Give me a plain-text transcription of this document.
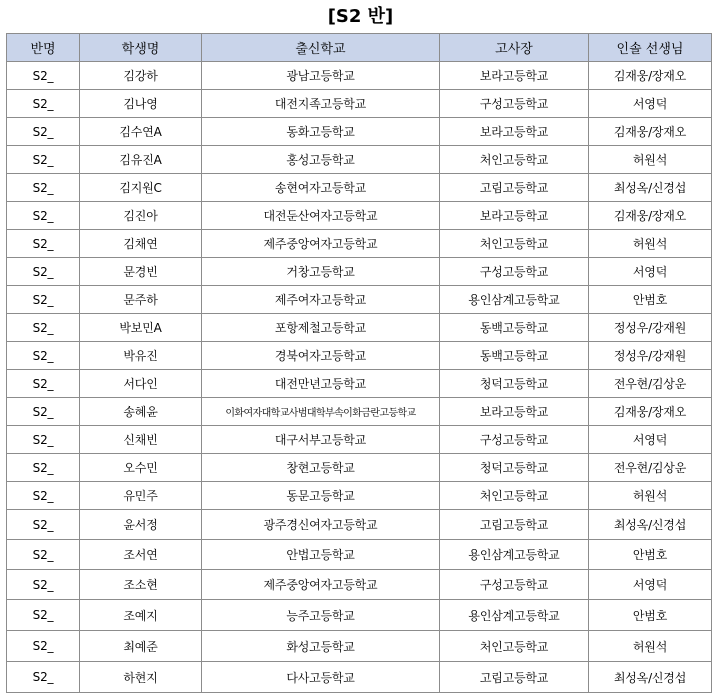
[S2 반]
반명	학생명	출신학교	고사장	인솔 선생님
S2_	김강하	광남고등학교	보라고등학교	김재웅/장재오
S2_	김나영	대전지족고등학교	구성고등학교	서영덕
S2_	김수연A	동화고등학교	보라고등학교	김재웅/장재오
S2_	김유진A	홍성고등학교	처인고등학교	허원석
S2_	김지원C	송현여자고등학교	고림고등학교	최성옥/신경섭
S2_	김진아	대전둔산여자고등학교	보라고등학교	김재웅/장재오
S2_	김채연	제주중앙여자고등학교	처인고등학교	허원석
S2_	문경빈	거창고등학교	구성고등학교	서영덕
S2_	문주하	제주여자고등학교	용인삼계고등학교	안범호
S2_	박보민A	포항제철고등학교	동백고등학교	정성우/강재원
S2_	박유진	경북여자고등학교	동백고등학교	정성우/강재원
S2_	서다인	대전만년고등학교	청덕고등학교	전우현/김상운
S2_	송혜윤	이화여자대학교사범대학부속이화금란고등학교	보라고등학교	김재웅/장재오
S2_	신채빈	대구서부고등학교	구성고등학교	서영덕
S2_	오수민	창현고등학교	청덕고등학교	전우현/김상운
S2_	유민주	동문고등학교	처인고등학교	허원석
S2_	윤서정	광주경신여자고등학교	고림고등학교	최성옥/신경섭
S2_	조서연	안법고등학교	용인삼계고등학교	안범호
S2_	조소현	제주중앙여자고등학교	구성고등학교	서영덕
S2_	조예지	능주고등학교	용인삼계고등학교	안범호
S2_	최예준	화성고등학교	처인고등학교	허원석
S2_	하현지	다사고등학교	고림고등학교	최성옥/신경섭
